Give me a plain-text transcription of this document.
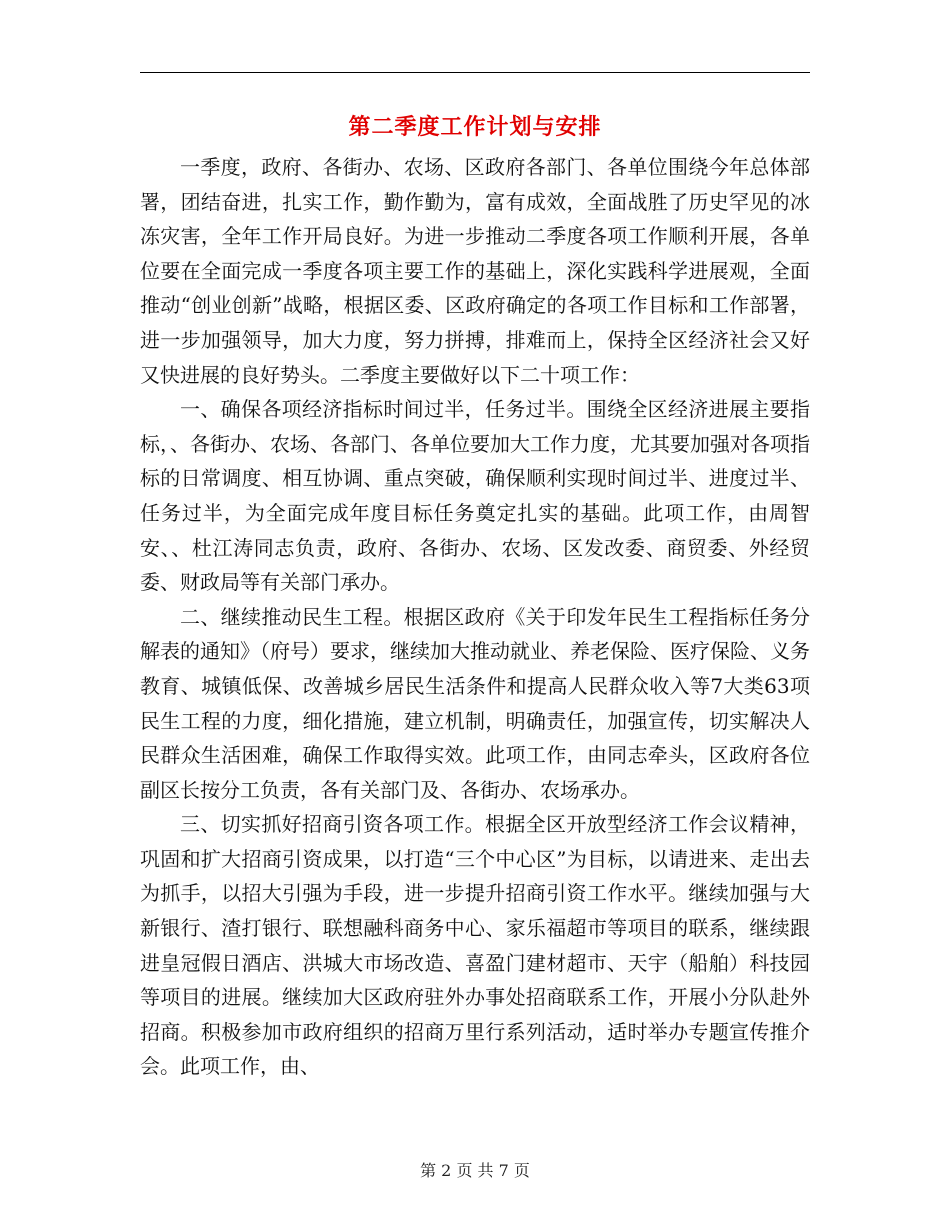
第二季度工作计划与安排

一季度，政府、各街办、农场、区政府各部门、各单位围绕今年总体部署，团结奋进，扎实工作，勤作勤为，富有成效，全面战胜了历史罕见的冰冻灾害，全年工作开局良好。为进一步推动二季度各项工作顺利开展，各单位要在全面完成一季度各项主要工作的基础上，深化实践科学进展观，全面推动“创业创新”战略，根据区委、区政府确定的各项工作目标和工作部署，进一步加强领导，加大力度，努力拼搏，排难而上，保持全区经济社会又好又快进展的良好势头。二季度主要做好以下二十项工作：

一、确保各项经济指标时间过半，任务过半。围绕全区经济进展主要指标，、各街办、农场、各部门、各单位要加大工作力度，尤其要加强对各项指标的日常调度、相互协调、重点突破，确保顺利实现时间过半、进度过半、任务过半，为全面完成年度目标任务奠定扎实的基础。此项工作，由周智安、、杜江涛同志负责，政府、各街办、农场、区发改委、商贸委、外经贸委、财政局等有关部门承办。

二、继续推动民生工程。根据区政府《关于印发年民生工程指标任务分解表的通知》（府号）要求，继续加大推动就业、养老保险、医疗保险、义务教育、城镇低保、改善城乡居民生活条件和提高人民群众收入等7大类63项民生工程的力度，细化措施，建立机制，明确责任，加强宣传，切实解决人民群众生活困难，确保工作取得实效。此项工作，由同志牵头，区政府各位副区长按分工负责，各有关部门及、各街办、农场承办。

三、切实抓好招商引资各项工作。根据全区开放型经济工作会议精神，巩固和扩大招商引资成果，以打造“三个中心区”为目标，以请进来、走出去为抓手，以招大引强为手段，进一步提升招商引资工作水平。继续加强与大新银行、渣打银行、联想融科商务中心、家乐福超市等项目的联系，继续跟进皇冠假日酒店、洪城大市场改造、喜盈门建材超市、天宇（船舶）科技园等项目的进展。继续加大区政府驻外办事处招商联系工作，开展小分队赴外招商。积极参加市政府组织的招商万里行系列活动，适时举办专题宣传推介会。此项工作，由、

第 2 页 共 7 页
